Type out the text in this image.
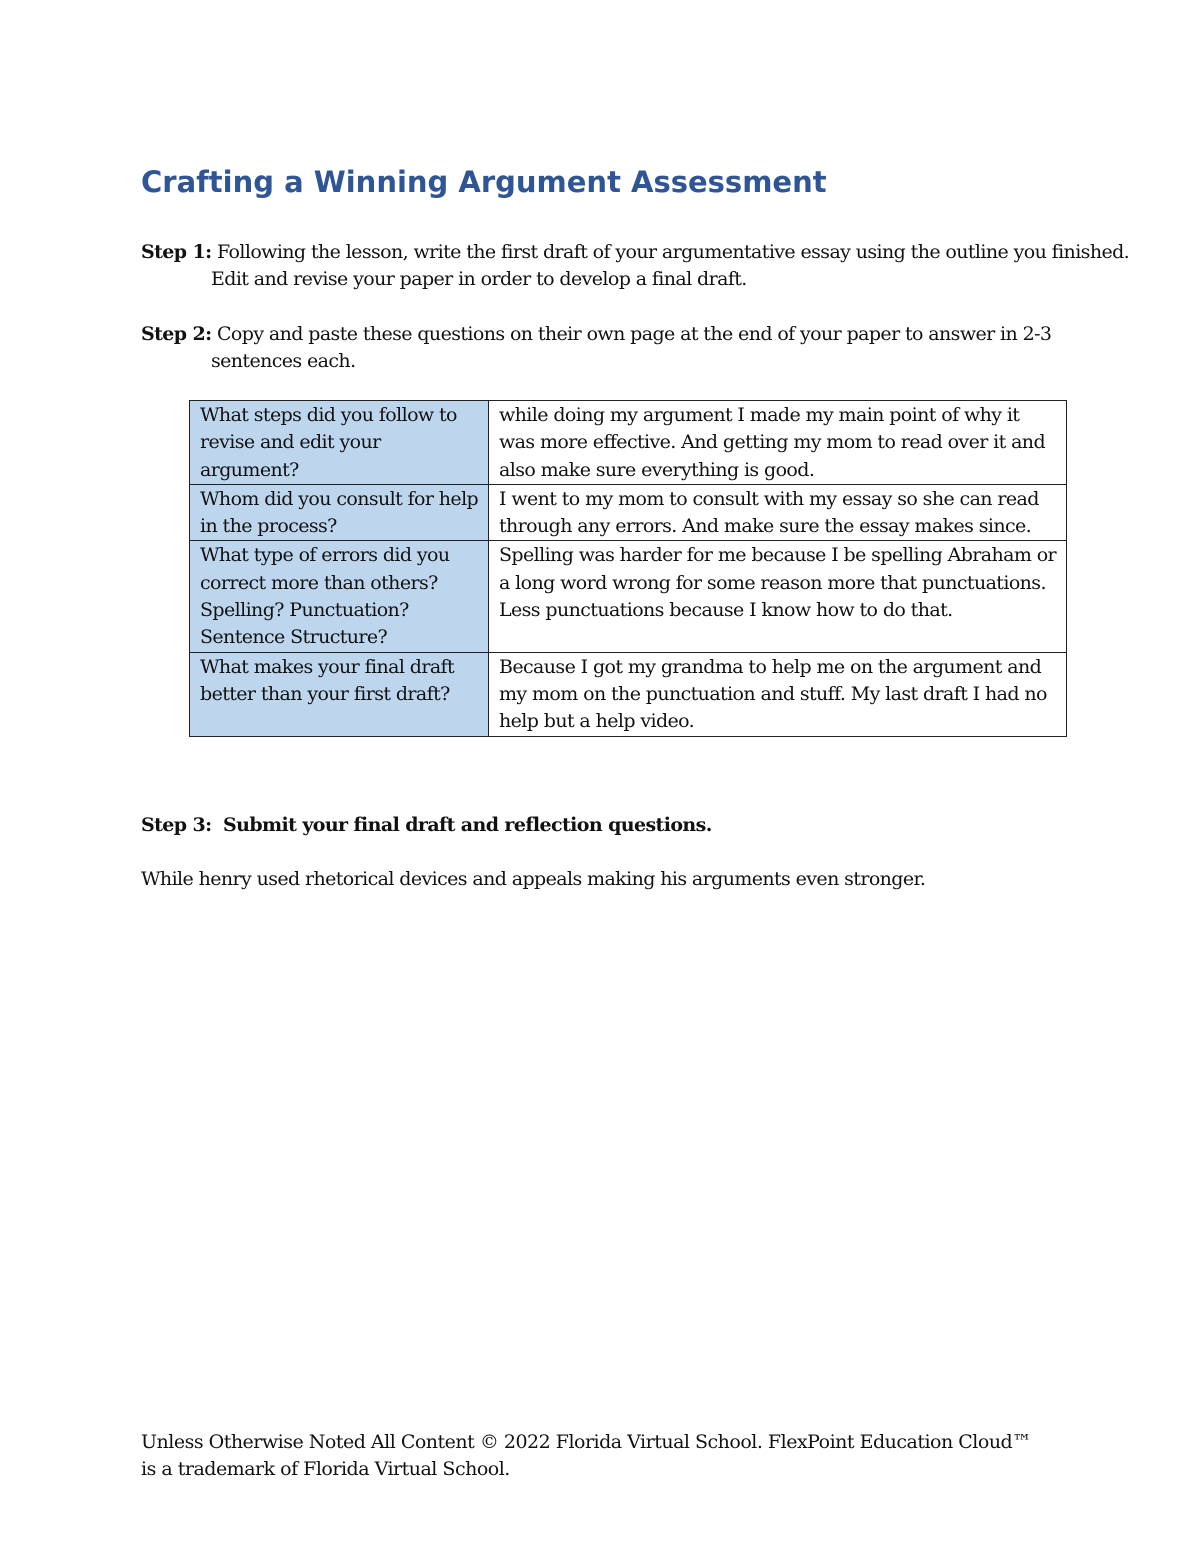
Crafting a Winning Argument Assessment

Step 1: Following the lesson, write the first draft of your argumentative essay using the outline you finished. Edit and revise your paper in order to develop a final draft.

Step 2: Copy and paste these questions on their own page at the end of your paper to answer in 2-3 sentences each.

What steps did you follow to revise and edit your argument?	while doing my argument I made my main point of why it was more effective. And getting my mom to read over it and also make sure everything is good.
Whom did you consult for help in the process?	I went to my mom to consult with my essay so she can read through any errors. And make sure the essay makes since.
What type of errors did you correct more than others? Spelling? Punctuation? Sentence Structure?	Spelling was harder for me because I be spelling Abraham or a long word wrong for some reason more that punctuations. Less punctuations because I know how to do that.
What makes your final draft better than your first draft?	Because I got my grandma to help me on the argument and my mom on the punctuation and stuff. My last draft I had no help but a help video.

Step 3: Submit your final draft and reflection questions.

While henry used rhetorical devices and appeals making his arguments even stronger.

Unless Otherwise Noted All Content © 2022 Florida Virtual School. FlexPoint Education Cloud™ is a trademark of Florida Virtual School.
